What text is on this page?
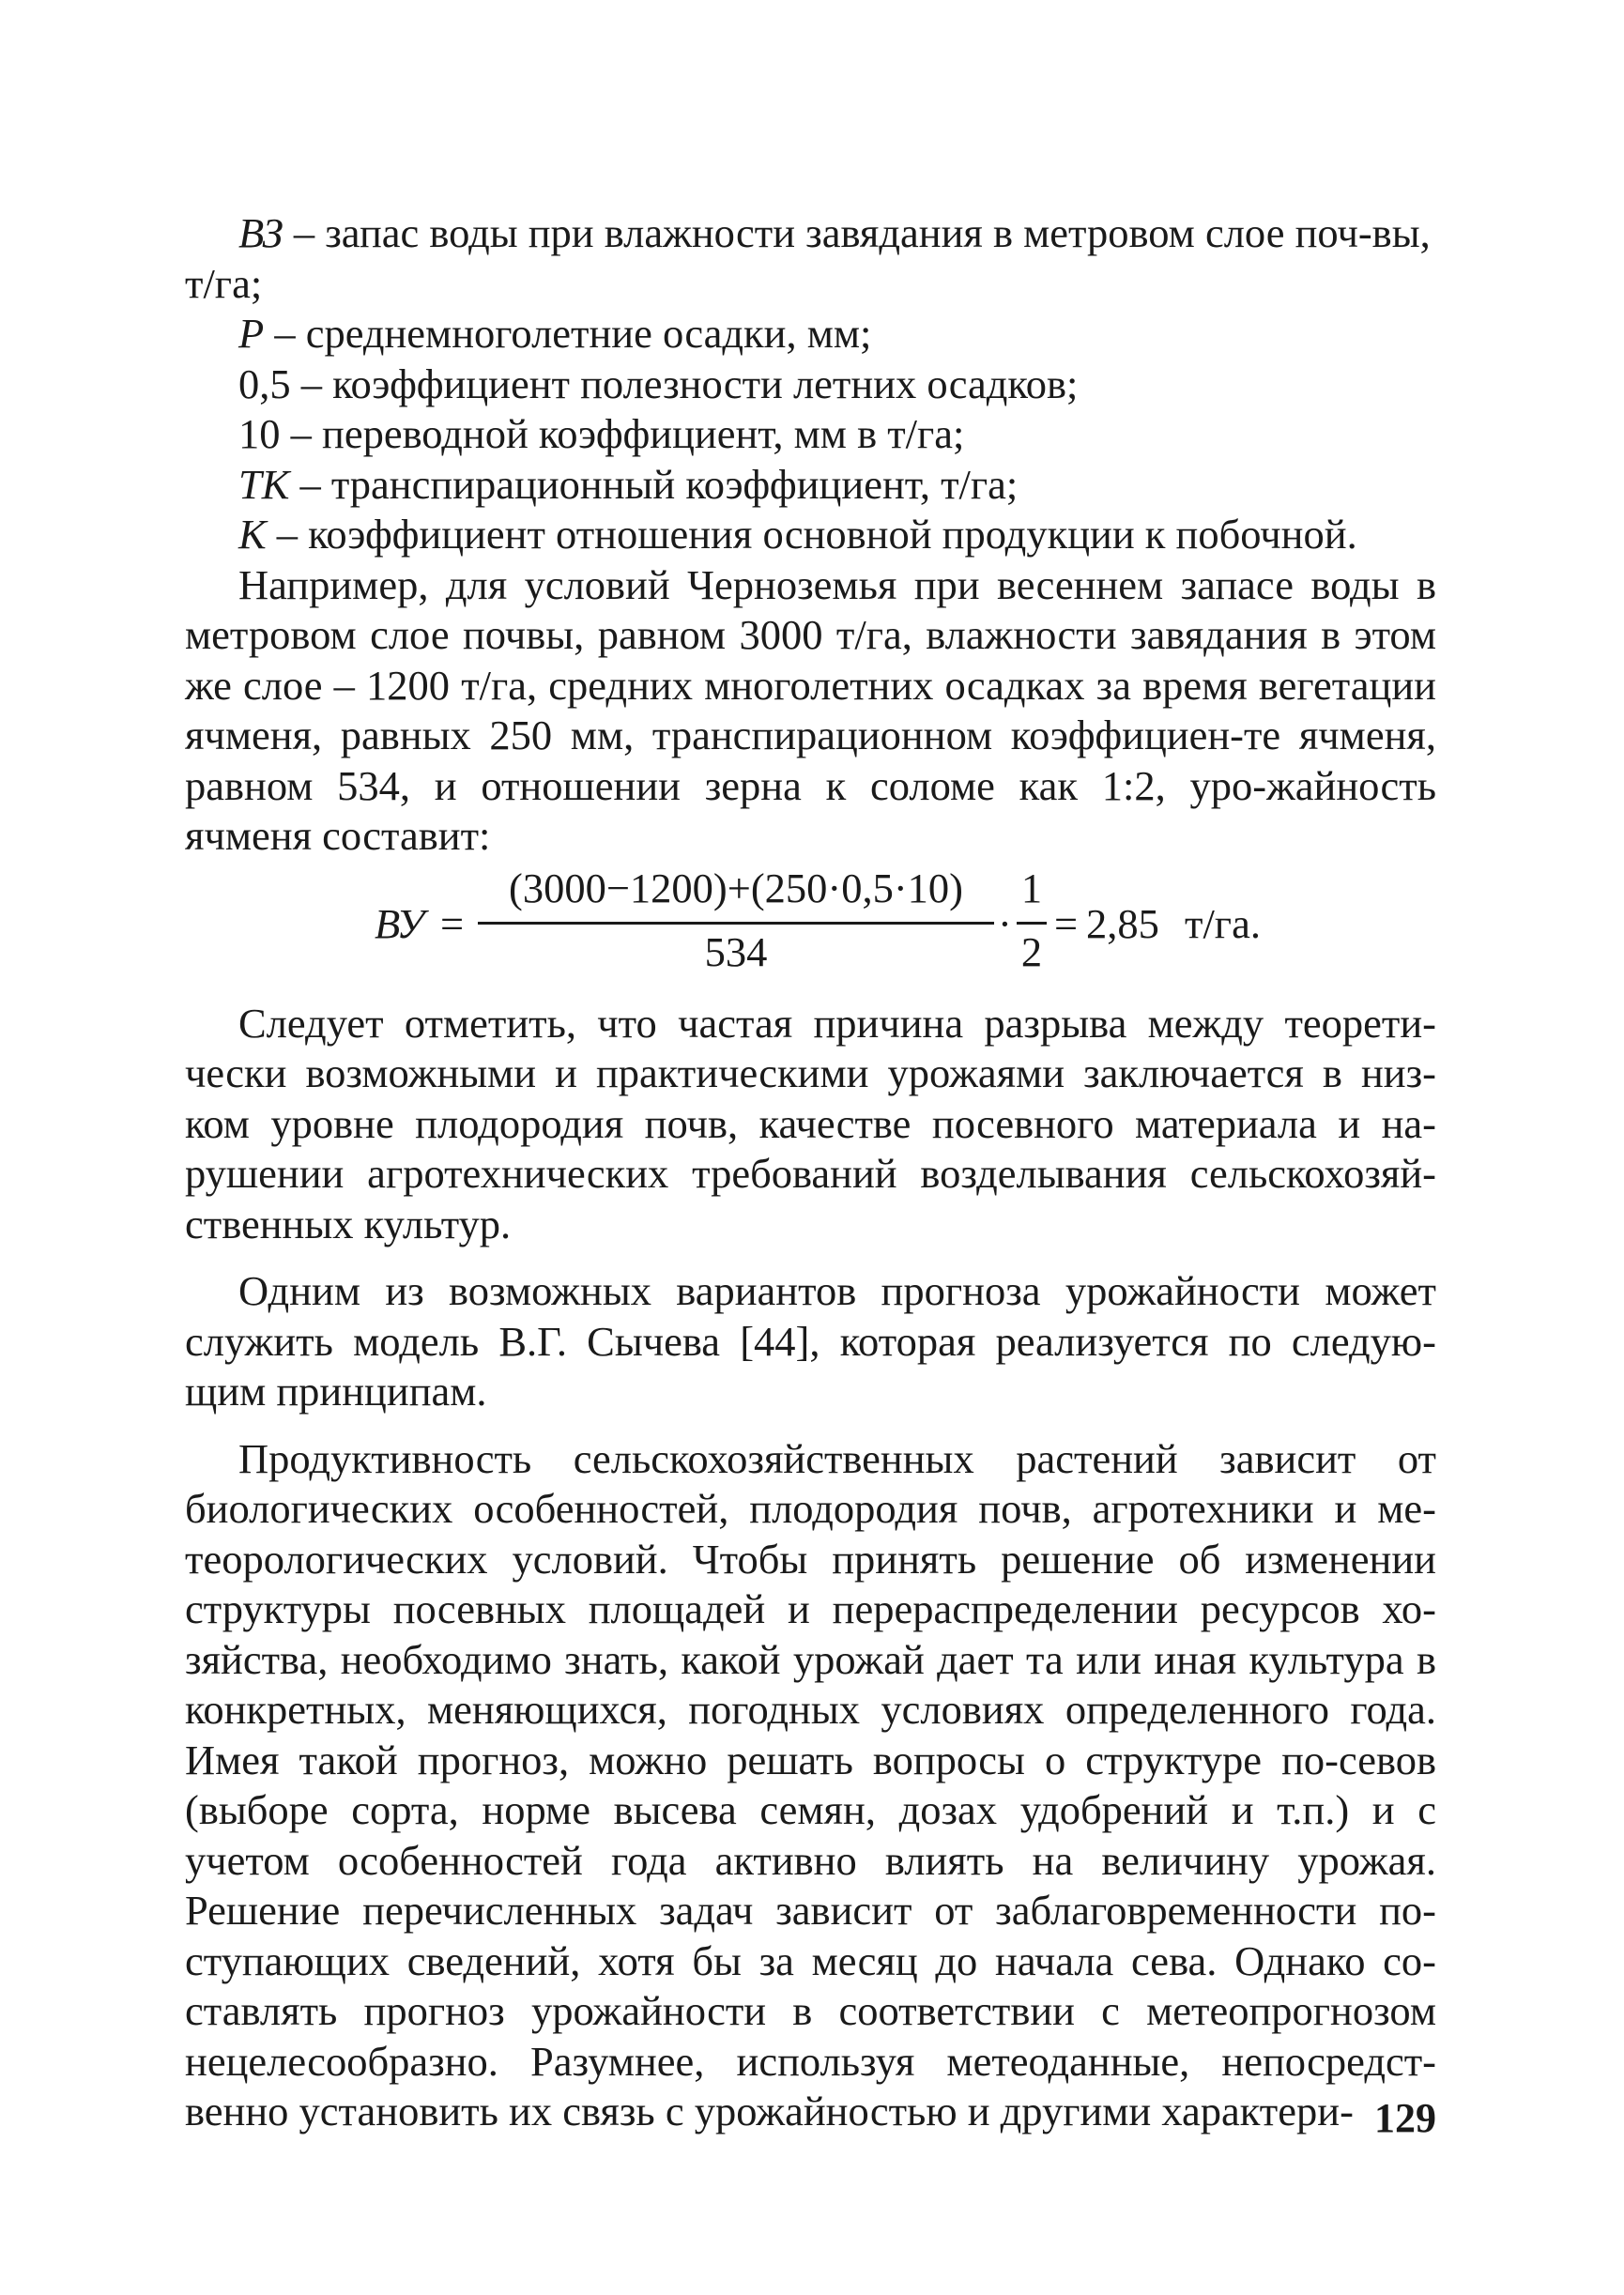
ВЗ – запас воды при влажности завядания в метровом слое поч-вы, т/га;

Р – среднемноголетние осадки, мм;

0,5 – коэффициент полезности летних осадков;

10 – переводной коэффициент, мм в т/га;

ТК – транспирационный коэффициент, т/га;

К – коэффициент отношения основной продукции к побочной.

Например, для условий Черноземья при весеннем запасе воды в метровом слое почвы, равном 3000 т/га, влажности завядания в этом же слое – 1200 т/га, средних многолетних осадках за время вегетации ячменя, равных 250 мм, транспирационном коэффициен-те ячменя, равном 534, и отношении зерна к соломе как 1:2, уро-жайность ячменя составит:

ВУ =
(3000−1200)+(250·0,5·10)
534
·
1
2
= 2,85 т/га.

Следует отметить, что частая причина разрыва между теорети-чески возможными и практическими урожаями заключается в низ-ком уровне плодородия почв, качестве посевного материала и на-рушении агротехнических требований возделывания сельскохозяй-ственных культур.

Одним из возможных вариантов прогноза урожайности может служить модель В.Г. Сычева [44], которая реализуется по следую-щим принципам.

Продуктивность сельскохозяйственных растений зависит от биологических особенностей, плодородия почв, агротехники и ме-теорологических условий. Чтобы принять решение об изменении структуры посевных площадей и перераспределении ресурсов хо-зяйства, необходимо знать, какой урожай дает та или иная культура в конкретных, меняющихся, погодных условиях определенного года. Имея такой прогноз, можно решать вопросы о структуре по-севов (выборе сорта, норме высева семян, дозах удобрений и т.п.) и с учетом особенностей года активно влиять на величину урожая. Решение перечисленных задач зависит от заблаговременности по-ступающих сведений, хотя бы за месяц до начала сева. Однако со-ставлять прогноз урожайности в соответствии с метеопрогнозом нецелесообразно. Разумнее, используя метеоданные, непосредст-венно установить их связь с урожайностью и другими характери- 129
